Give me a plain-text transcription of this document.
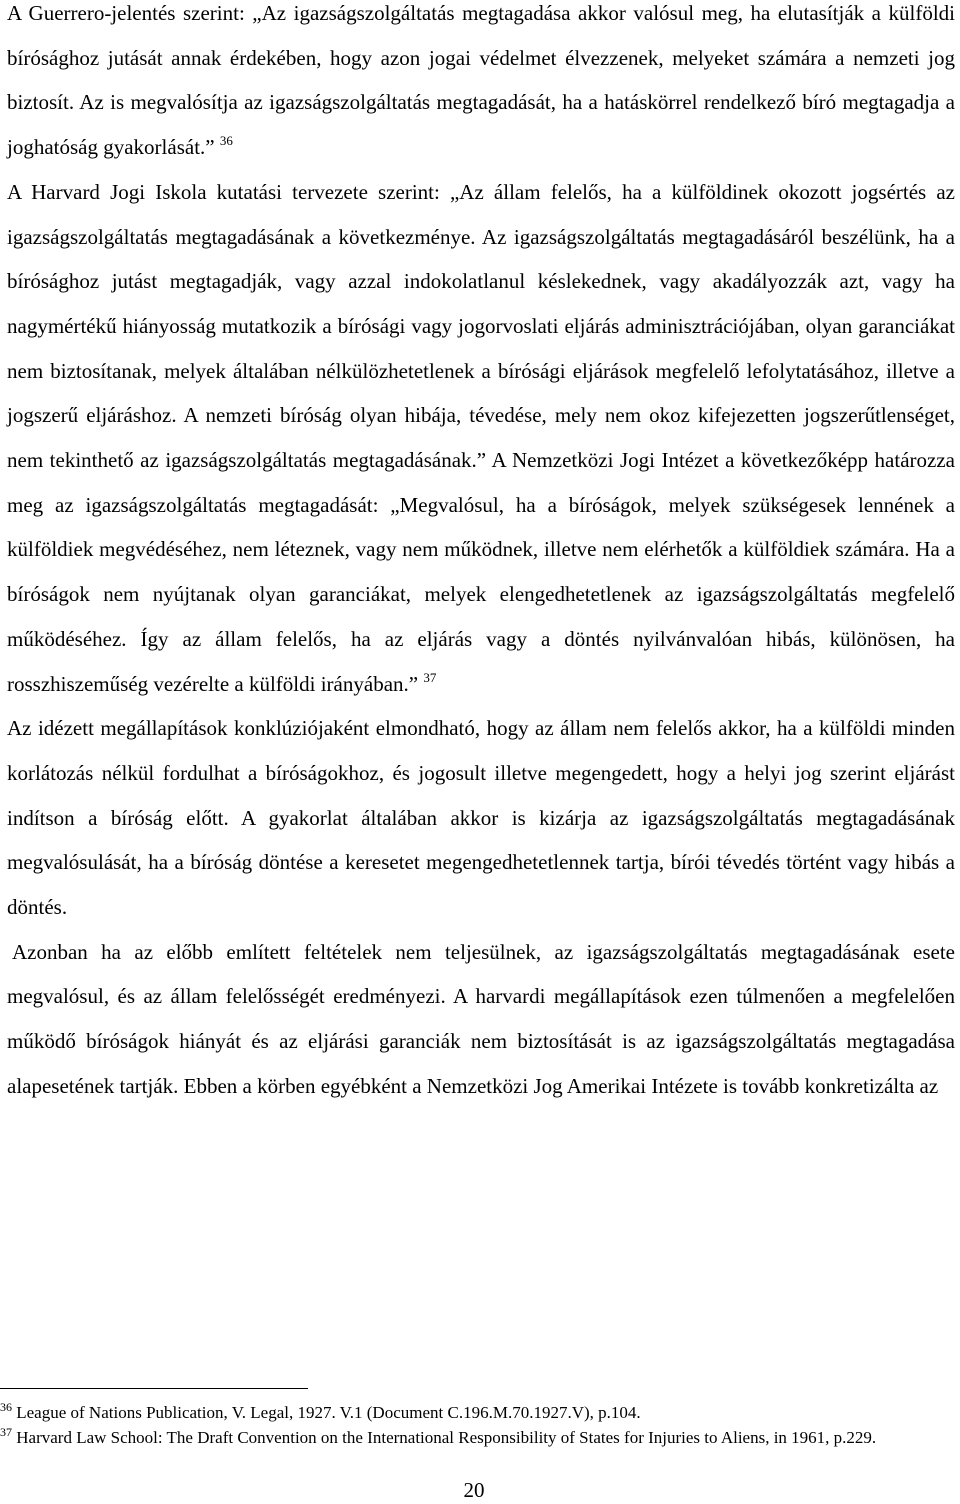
A Guerrero-jelentés szerint: „Az igazságszolgáltatás megtagadása akkor valósul meg, ha elutasítják a külföldi bírósághoz jutását annak érdekében, hogy azon jogai védelmet élvezzenek, melyeket számára a nemzeti jog biztosít. Az is megvalósítja az igazságszolgáltatás megtagadását, ha a hatáskörrel rendelkező bíró megtagadja a joghatóság gyakorlását.” $^{36}$

A Harvard Jogi Iskola kutatási tervezete szerint: „Az állam felelős, ha a külföldinek okozott jogsértés az igazságszolgáltatás megtagadásának a következménye. Az igazságszolgáltatás megtagadásáról beszélünk, ha a bírósághoz jutást megtagadják, vagy azzal indokolatlanul késlekednek, vagy akadályozzák azt, vagy ha nagymértékű hiányosság mutatkozik a bírósági vagy jogorvoslati eljárás adminisztrációjában, olyan garanciákat nem biztosítanak, melyek általában nélkülözhetetlenek a bírósági eljárások megfelelő lefolytatásához, illetve a jogszerű eljáráshoz. A nemzeti bíróság olyan hibája, tévedése, mely nem okoz kifejezetten jogszerűtlenséget, nem tekinthető az igazságszolgáltatás megtagadásának.” A Nemzetközi Jogi Intézet a következőképp határozza meg az igazságszolgáltatás megtagadását: „Megvalósul, ha a bíróságok, melyek szükségesek lennének a külföldiek megvédéséhez, nem léteznek, vagy nem működnek, illetve nem elérhetők a külföldiek számára. Ha a bíróságok nem nyújtanak olyan garanciákat, melyek elengedhetetlenek az igazságszolgáltatás megfelelő működéséhez. Így az állam felelős, ha az eljárás vagy a döntés nyilvánvalóan hibás, különösen, ha rosszhiszeműség vezérelte a külföldi irányában.” $^{37}$

Az idézett megállapítások konklúziójaként elmondható, hogy az állam nem felelős akkor, ha a külföldi minden korlátozás nélkül fordulhat a bíróságokhoz, és jogosult illetve megengedett, hogy a helyi jog szerint eljárást indítson a bíróság előtt. A gyakorlat általában akkor is kizárja az igazságszolgáltatás megtagadásának megvalósulását, ha a bíróság döntése a keresetet megengedhetetlennek tartja, bírói tévedés történt vagy hibás a döntés.

Azonban ha az előbb említett feltételek nem teljesülnek, az igazságszolgáltatás megtagadásának esete megvalósul, és az állam felelősségét eredményezi. A harvardi megállapítások ezen túlmenően a megfelelően működő bíróságok hiányát és az eljárási garanciák nem biztosítását is az igazságszolgáltatás megtagadása alapesetének tartják. Ebben a körben egyébként a Nemzetközi Jog Amerikai Intézete is tovább konkretizálta az

$^{36}$ League of Nations Publication, V. Legal, 1927. V.1 (Document C.196.M.70.1927.V), p.104.

$^{37}$ Harvard Law School: The Draft Convention on the International Responsibility of States for Injuries to Aliens, in 1961, p.229.

20
